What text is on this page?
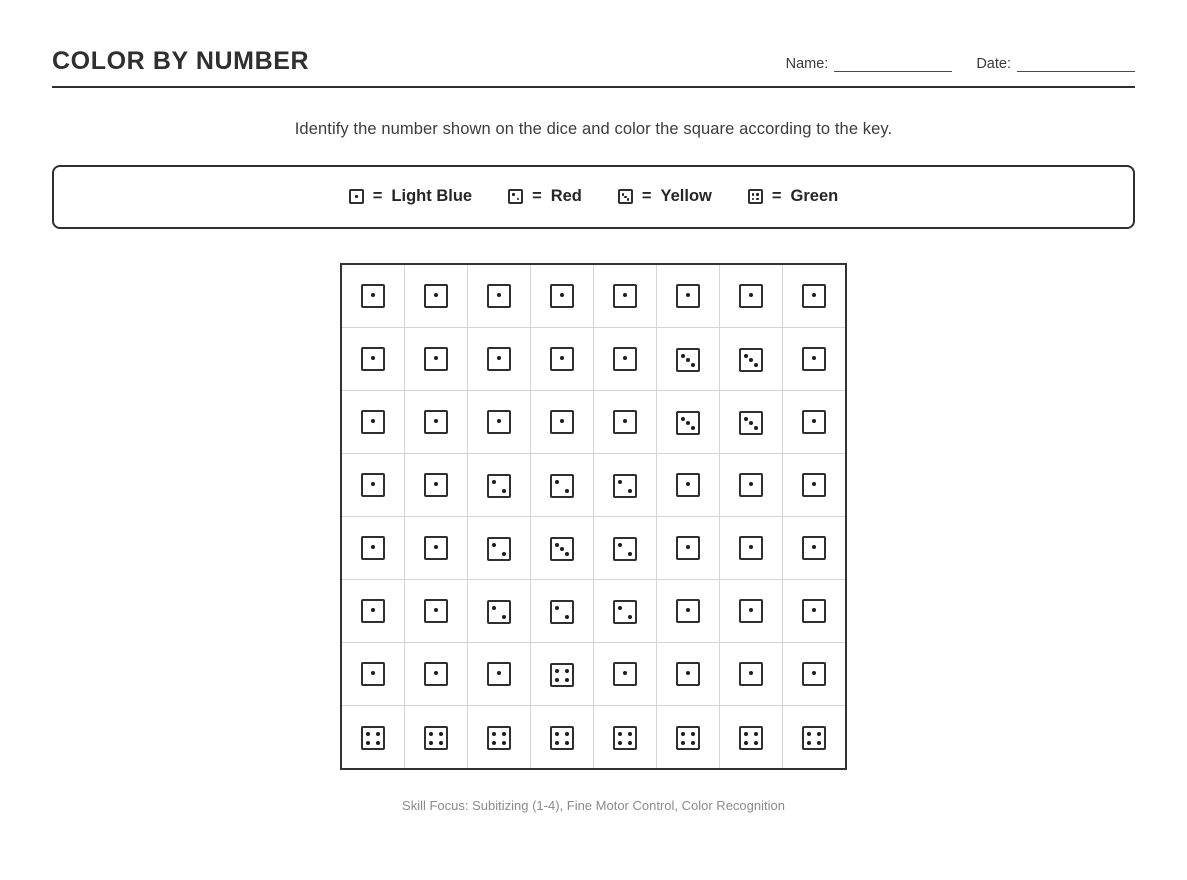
COLOR BY NUMBER	Name:	Date:
Identify the number shown on the dice and color the square according to the key.
= Light Blue	= Red	= Yellow	= Green

Skill Focus: Subitizing (1-4), Fine Motor Control, Color Recognition
